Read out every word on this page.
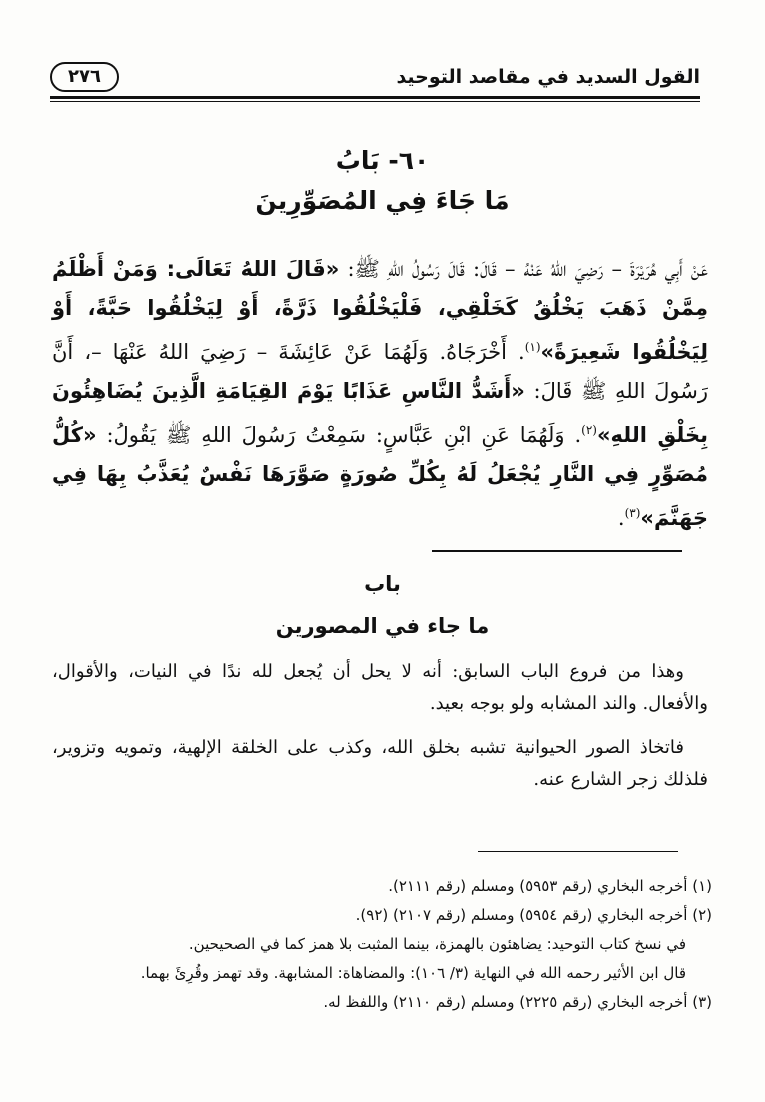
القول السديد في مقاصد التوحيد
٢٧٦
٦٠- بَابُ
مَا جَاءَ فِي المُصَوِّرِينَ
عَنْ أَبِي هُرَيْرَةَ – رَضِيَ اللهُ عَنْهُ – قَالَ: قَالَ رَسُولُ اللهِ ﷺ: «قَالَ اللهُ تَعَالَى: وَمَنْ أَظْلَمُ مِمَّنْ ذَهَبَ يَخْلُقُ كَخَلْقِي، فَلْيَخْلُقُوا ذَرَّةً، أَوْ لِيَخْلُقُوا حَبَّةً، أَوْ لِيَخْلُقُوا شَعِيرَةً»$^{(١)}$. أَخْرَجَاهُ. وَلَهُمَا عَنْ عَائِشَةَ – رَضِيَ اللهُ عَنْهَا –، أَنَّ رَسُولَ اللهِ ﷺ قَالَ: «أَشَدُّ النَّاسِ عَذَابًا يَوْمَ القِيَامَةِ الَّذِينَ يُضَاهِئُونَ بِخَلْقِ اللهِ»$^{(٢)}$. وَلَهُمَا عَنِ ابْنِ عَبَّاسٍ: سَمِعْتُ رَسُولَ اللهِ ﷺ يَقُولُ: «كُلُّ مُصَوِّرٍ فِي النَّارِ يُجْعَلُ لَهُ بِكُلِّ صُورَةٍ صَوَّرَهَا نَفْسٌ يُعَذَّبُ بِهَا فِي جَهَنَّمَ»$^{(٣)}$.
باب
ما جاء في المصورين

وهذا من فروع الباب السابق: أنه لا يحل أن يُجعل لله ندًا في النيات، والأقوال، والأفعال. والند المشابه ولو بوجه بعيد.

فاتخاذ الصور الحيوانية تشبه بخلق الله، وكذب على الخلقة الإلهية، وتمويه وتزوير، فلذلك زجر الشارع عنه.

(١) أخرجه البخاري (رقم ٥٩٥٣) ومسلم (رقم ٢١١١).
(٢) أخرجه البخاري (رقم ٥٩٥٤) ومسلم (رقم ٢١٠٧) (٩٢).
في نسخ كتاب التوحيد: يضاهئون بالهمزة، بينما المثبت بلا همز كما في الصحيحين.
قال ابن الأثير رحمه الله في النهاية (٣/ ١٠٦): والمضاهاة: المشابهة. وقد تهمز وقُرِئَ بهما.
(٣) أخرجه البخاري (رقم ٢٢٢٥) ومسلم (رقم ٢١١٠) واللفظ له.
